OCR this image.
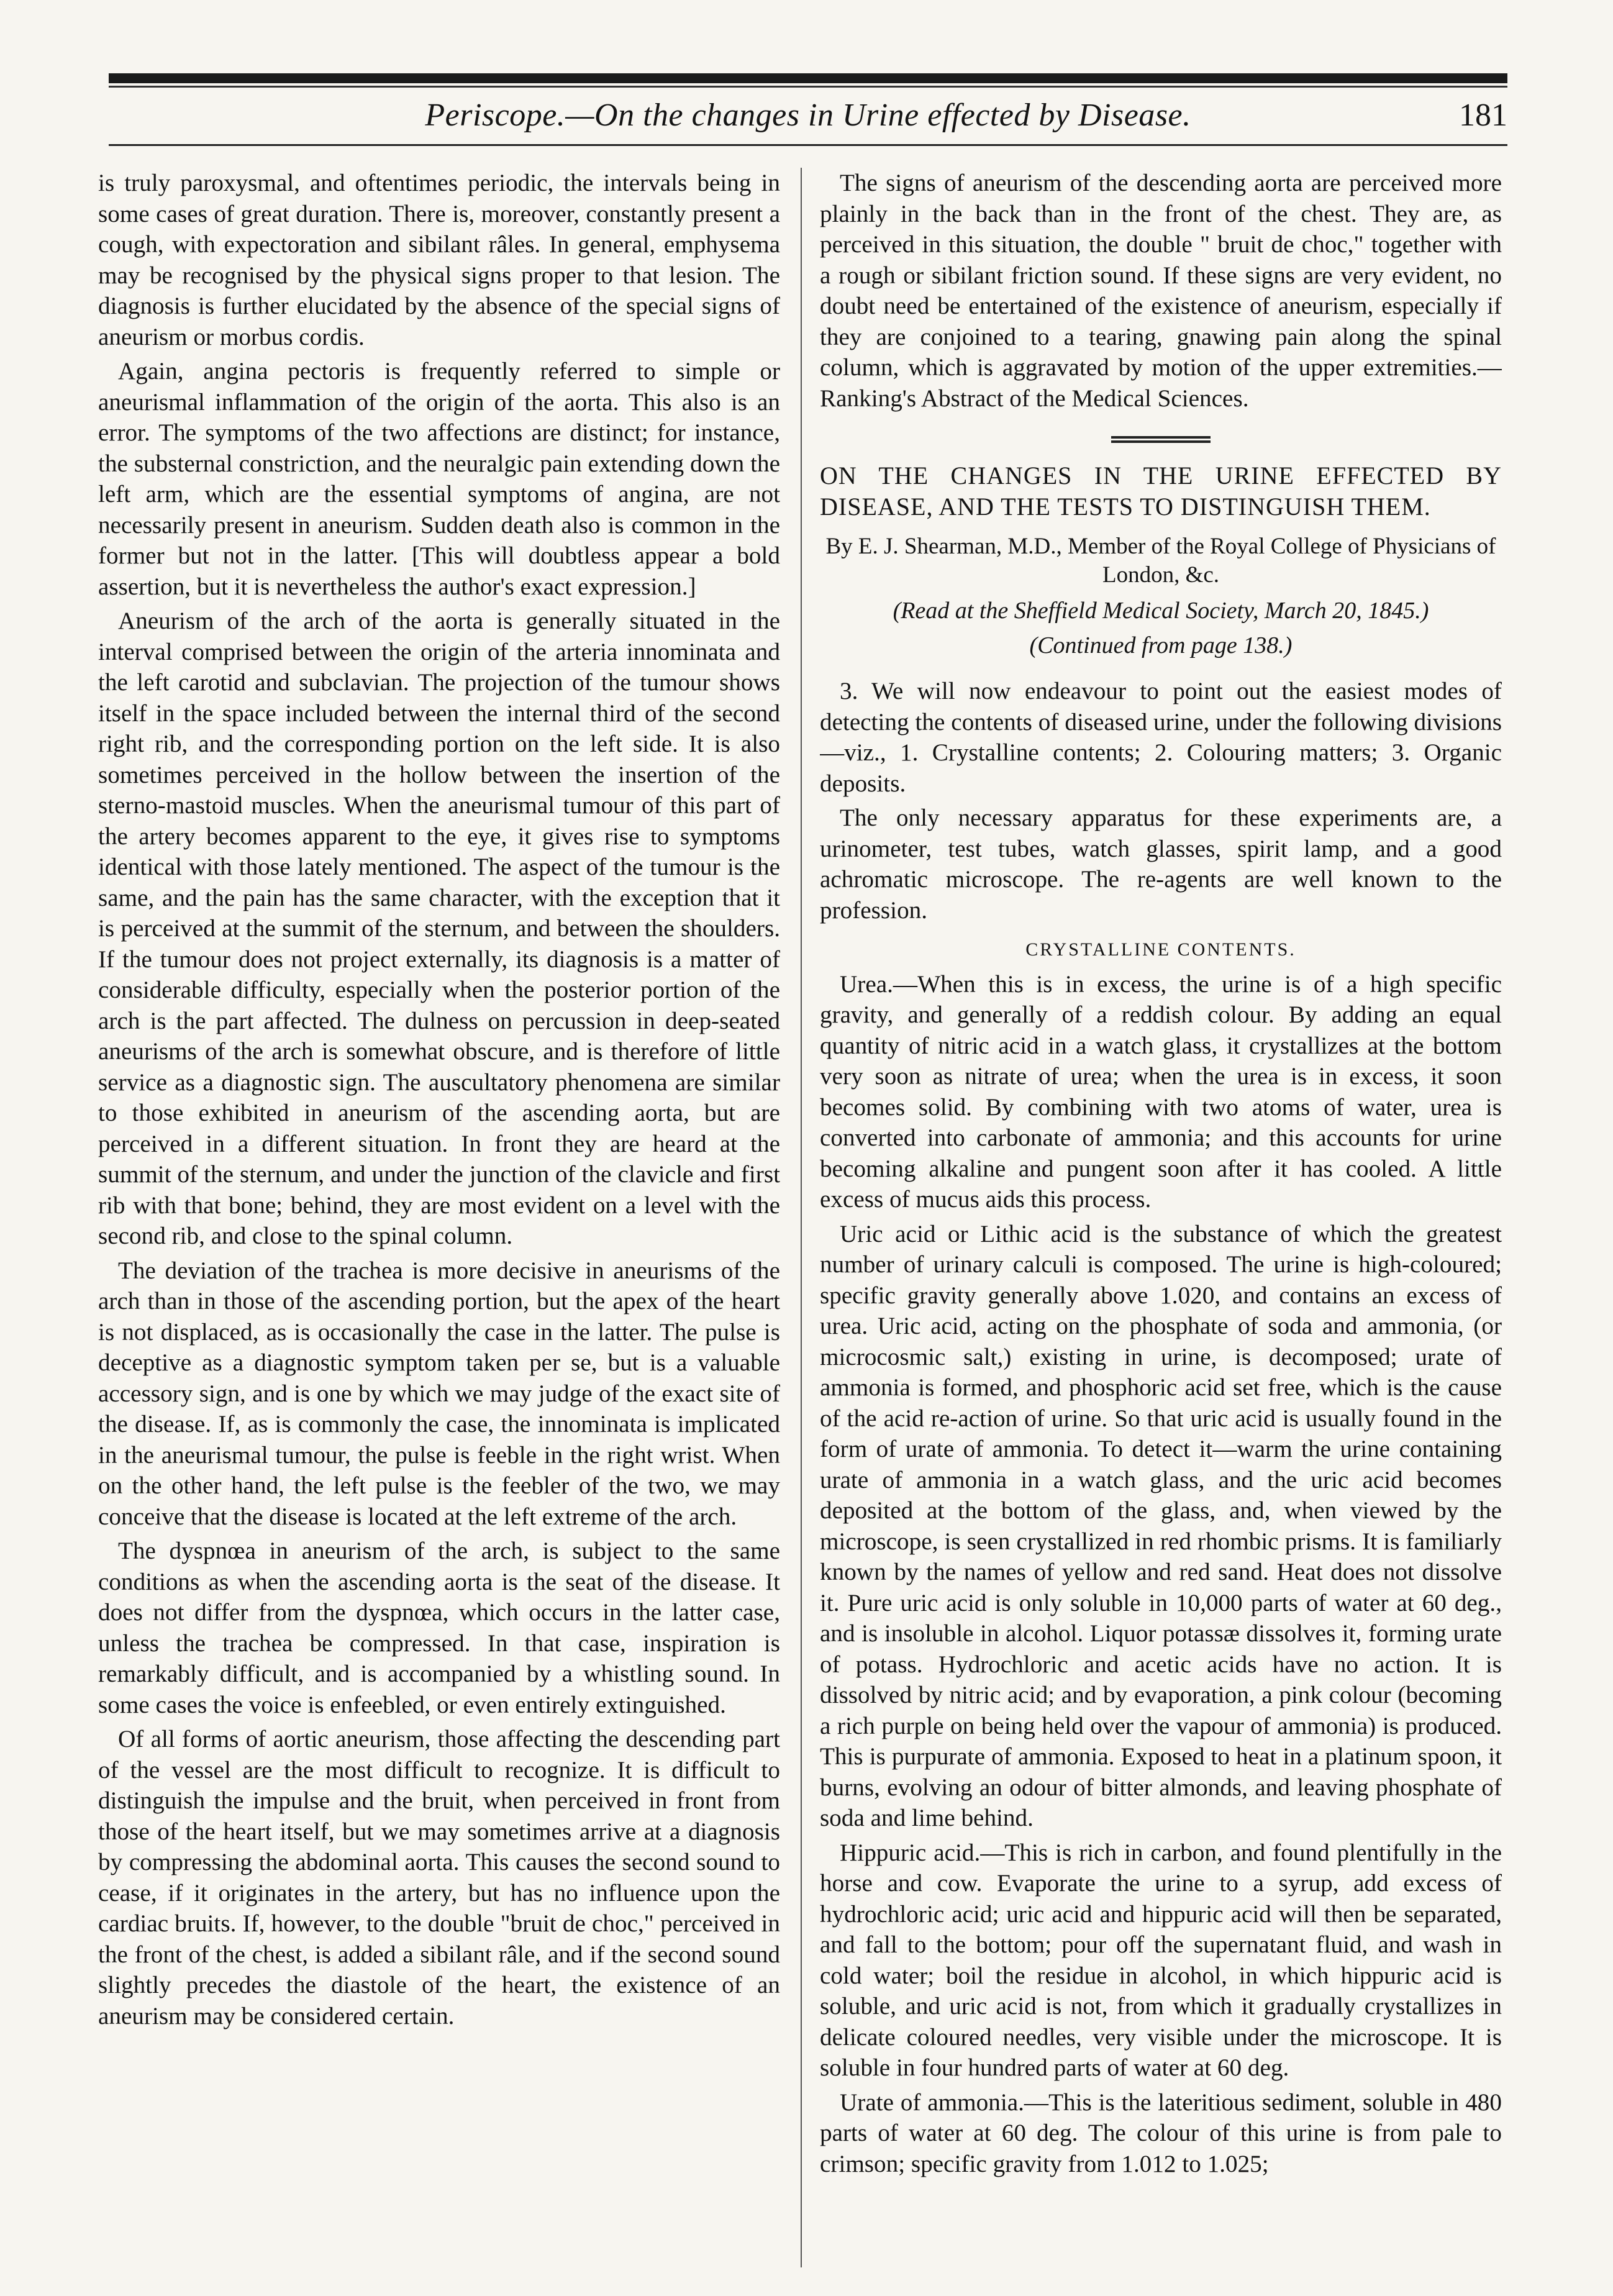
Periscope.—On the changes in Urine effected by Disease.	181

is truly paroxysmal, and oftentimes periodic, the intervals being in some cases of great duration. There is, moreover, constantly present a cough, with expectoration and sibilant râles. In general, emphysema may be recognised by the physical signs proper to that lesion. The diagnosis is further elucidated by the absence of the special signs of aneurism or morbus cordis.

Again, angina pectoris is frequently referred to simple or aneurismal inflammation of the origin of the aorta. This also is an error. The symptoms of the two affections are distinct; for instance, the substernal constriction, and the neuralgic pain extending down the left arm, which are the essential symptoms of angina, are not necessarily present in aneurism. Sudden death also is common in the former but not in the latter. [This will doubtless appear a bold assertion, but it is nevertheless the author's exact expression.]

Aneurism of the arch of the aorta is generally situated in the interval comprised between the origin of the arteria innominata and the left carotid and subclavian. The projection of the tumour shows itself in the space included between the internal third of the second right rib, and the corresponding portion on the left side. It is also sometimes perceived in the hollow between the insertion of the sterno-mastoid muscles. When the aneurismal tumour of this part of the artery becomes apparent to the eye, it gives rise to symptoms identical with those lately mentioned. The aspect of the tumour is the same, and the pain has the same character, with the exception that it is perceived at the summit of the sternum, and between the shoulders. If the tumour does not project externally, its diagnosis is a matter of considerable difficulty, especially when the posterior portion of the arch is the part affected. The dulness on percussion in deep-seated aneurisms of the arch is somewhat obscure, and is therefore of little service as a diagnostic sign. The auscultatory phenomena are similar to those exhibited in aneurism of the ascending aorta, but are perceived in a different situation. In front they are heard at the summit of the sternum, and under the junction of the clavicle and first rib with that bone; behind, they are most evident on a level with the second rib, and close to the spinal column.

The deviation of the trachea is more decisive in aneurisms of the arch than in those of the ascending portion, but the apex of the heart is not displaced, as is occasionally the case in the latter. The pulse is deceptive as a diagnostic symptom taken per se, but is a valuable accessory sign, and is one by which we may judge of the exact site of the disease. If, as is commonly the case, the innominata is implicated in the aneurismal tumour, the pulse is feeble in the right wrist. When on the other hand, the left pulse is the feebler of the two, we may conceive that the disease is located at the left extreme of the arch.

The dyspnœa in aneurism of the arch, is subject to the same conditions as when the ascending aorta is the seat of the disease. It does not differ from the dyspnœa, which occurs in the latter case, unless the trachea be compressed. In that case, inspiration is remarkably difficult, and is accompanied by a whistling sound. In some cases the voice is enfeebled, or even entirely extinguished.

Of all forms of aortic aneurism, those affecting the descending part of the vessel are the most difficult to recognize. It is difficult to distinguish the impulse and the bruit, when perceived in front from those of the heart itself, but we may sometimes arrive at a diagnosis by compressing the abdominal aorta. This causes the second sound to cease, if it originates in the artery, but has no influence upon the cardiac bruits. If, however, to the double "bruit de choc," perceived in the front of the chest, is added a sibilant râle, and if the second sound slightly precedes the diastole of the heart, the existence of an aneurism may be considered certain.

The signs of aneurism of the descending aorta are perceived more plainly in the back than in the front of the chest. They are, as perceived in this situation, the double " bruit de choc," together with a rough or sibilant friction sound. If these signs are very evident, no doubt need be entertained of the existence of aneurism, especially if they are conjoined to a tearing, gnawing pain along the spinal column, which is aggravated by motion of the upper extremities.— Ranking's Abstract of the Medical Sciences.

ON THE CHANGES IN THE URINE EFFECTED BY DISEASE, AND THE TESTS TO DISTINGUISH THEM.
By E. J. Shearman, M.D., Member of the Royal College of Physicians of London, &c.
(Read at the Sheffield Medical Society, March 20, 1845.)
(Continued from page 138.)

3. We will now endeavour to point out the easiest modes of detecting the contents of diseased urine, under the following divisions—viz., 1. Crystalline contents; 2. Colouring matters; 3. Organic deposits.

The only necessary apparatus for these experiments are, a urinometer, test tubes, watch glasses, spirit lamp, and a good achromatic microscope. The re-agents are well known to the profession.

CRYSTALLINE CONTENTS.

Urea.—When this is in excess, the urine is of a high specific gravity, and generally of a reddish colour. By adding an equal quantity of nitric acid in a watch glass, it crystallizes at the bottom very soon as nitrate of urea; when the urea is in excess, it soon becomes solid. By combining with two atoms of water, urea is converted into carbonate of ammonia; and this accounts for urine becoming alkaline and pungent soon after it has cooled. A little excess of mucus aids this process.

Uric acid or Lithic acid is the substance of which the greatest number of urinary calculi is composed. The urine is high-coloured; specific gravity generally above 1.020, and contains an excess of urea. Uric acid, acting on the phosphate of soda and ammonia, (or microcosmic salt,) existing in urine, is decomposed; urate of ammonia is formed, and phosphoric acid set free, which is the cause of the acid re-action of urine. So that uric acid is usually found in the form of urate of ammonia. To detect it—warm the urine containing urate of ammonia in a watch glass, and the uric acid becomes deposited at the bottom of the glass, and, when viewed by the microscope, is seen crystallized in red rhombic prisms. It is familiarly known by the names of yellow and red sand. Heat does not dissolve it. Pure uric acid is only soluble in 10,000 parts of water at 60 deg., and is insoluble in alcohol. Liquor potassæ dissolves it, forming urate of potass. Hydrochloric and acetic acids have no action. It is dissolved by nitric acid; and by evaporation, a pink colour (becoming a rich purple on being held over the vapour of ammonia) is produced. This is purpurate of ammonia. Exposed to heat in a platinum spoon, it burns, evolving an odour of bitter almonds, and leaving phosphate of soda and lime behind.

Hippuric acid.—This is rich in carbon, and found plentifully in the horse and cow. Evaporate the urine to a syrup, add excess of hydrochloric acid; uric acid and hippuric acid will then be separated, and fall to the bottom; pour off the supernatant fluid, and wash in cold water; boil the residue in alcohol, in which hippuric acid is soluble, and uric acid is not, from which it gradually crystallizes in delicate coloured needles, very visible under the microscope. It is soluble in four hundred parts of water at 60 deg.

Urate of ammonia.—This is the lateritious sediment, soluble in 480 parts of water at 60 deg. The colour of this urine is from pale to crimson; specific gravity from 1.012 to 1.025;
